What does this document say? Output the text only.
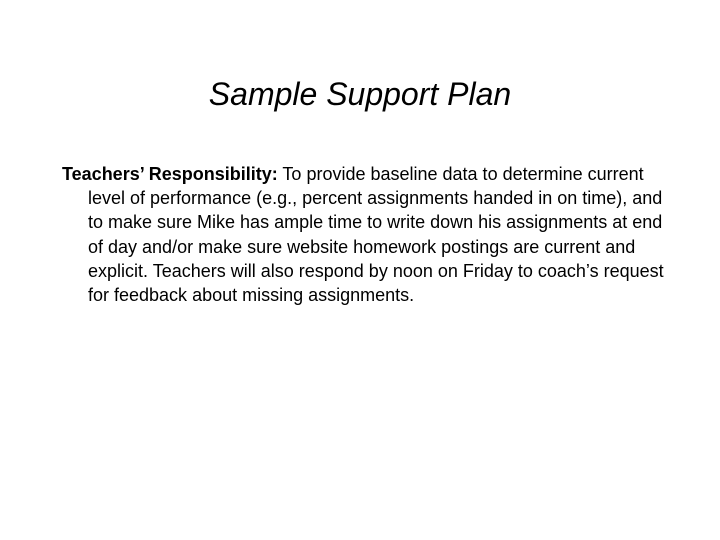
Sample Support Plan

Teachers’ Responsibility: To provide baseline data to determine current level of performance (e.g., percent assignments handed in on time), and to make sure Mike has ample time to write down his assignments at end of day and/or make sure website homework postings are current and explicit. Teachers will also respond by noon on Friday to coach’s request for feedback about missing assignments.
